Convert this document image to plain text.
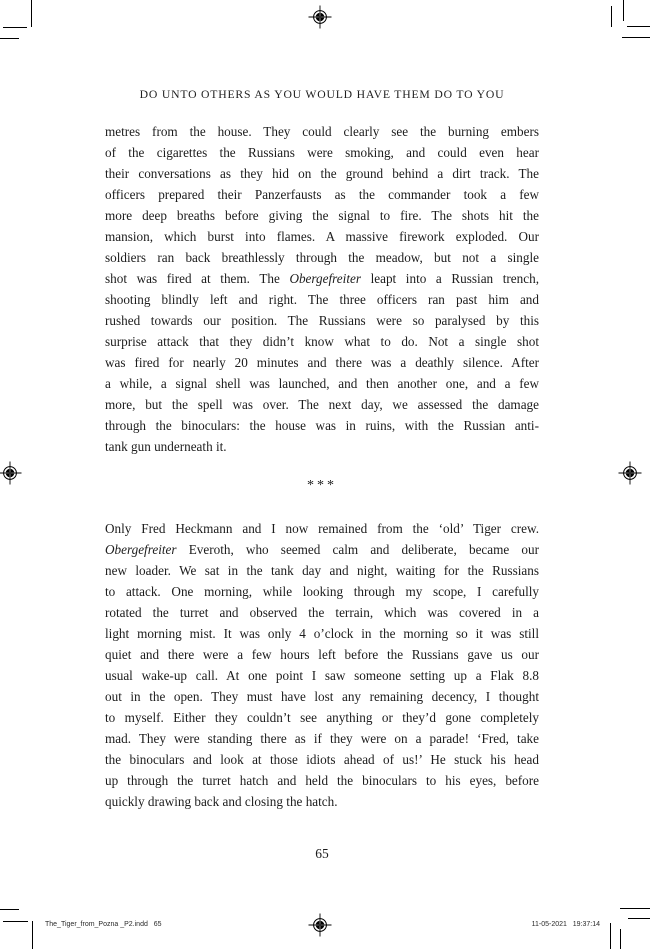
DO UNTO OTHERS AS YOU WOULD HAVE THEM DO TO YOU
metres from the house. They could clearly see the burning embers
of the cigarettes the Russians were smoking, and could even hear
their conversations as they hid on the ground behind a dirt track. The
officers prepared their Panzerfausts as the commander took a few
more deep breaths before giving the signal to fire. The shots hit the
mansion, which burst into flames. A massive firework exploded. Our
soldiers ran back breathlessly through the meadow, but not a single
shot was fired at them. The Obergefreiter leapt into a Russian trench,
shooting blindly left and right. The three officers ran past him and
rushed towards our position. The Russians were so paralysed by this
surprise attack that they didn’t know what to do. Not a single shot
was fired for nearly 20 minutes and there was a deathly silence. After
a while, a signal shell was launched, and then another one, and a few
more, but the spell was over. The next day, we assessed the damage
through the binoculars: the house was in ruins, with the Russian anti-
tank gun underneath it.
***
Only Fred Heckmann and I now remained from the ‘old’ Tiger crew.
Obergefreiter Everoth, who seemed calm and deliberate, became our
new loader. We sat in the tank day and night, waiting for the Russians
to attack. One morning, while looking through my scope, I carefully
rotated the turret and observed the terrain, which was covered in a
light morning mist. It was only 4 o’clock in the morning so it was still
quiet and there were a few hours left before the Russians gave us our
usual wake-up call. At one point I saw someone setting up a Flak 8.8
out in the open. They must have lost any remaining decency, I thought
to myself. Either they couldn’t see anything or they’d gone completely
mad. They were standing there as if they were on a parade! ‘Fred, take
the binoculars and look at those idiots ahead of us!’ He stuck his head
up through the turret hatch and held the binoculars to his eyes, before
quickly drawing back and closing the hatch.
65
The_Tiger_from_Pozna _P2.indd   65	11-05-2021   19:37:14
